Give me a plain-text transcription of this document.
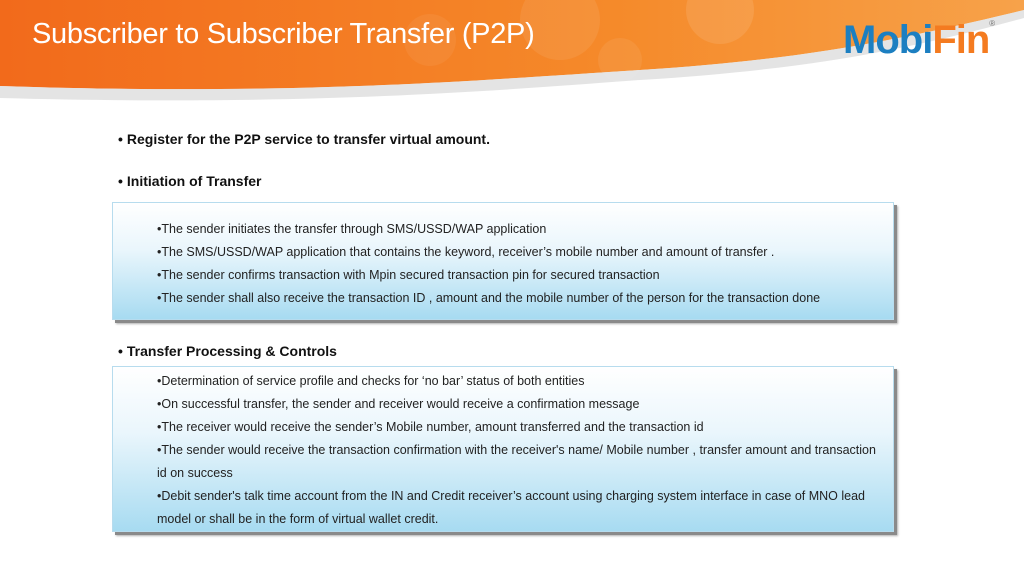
Subscriber to Subscriber Transfer (P2P)	MobiFin®
• Register for the P2P service to transfer virtual amount.
• Initiation of Transfer
•The sender initiates the transfer through SMS/USSD/WAP application
•The SMS/USSD/WAP application that contains the keyword, receiver’s mobile number and amount of transfer .
•The sender confirms transaction with Mpin secured transaction pin for secured transaction
•The sender shall also receive the transaction ID , amount and the mobile number of the person for the transaction done
• Transfer Processing & Controls
•Determination of service profile and checks for ‘no bar’ status of both entities
•On successful transfer, the sender and receiver would receive a confirmation message
•The receiver would receive the sender’s Mobile number, amount transferred and the transaction id
•The sender would receive the transaction confirmation with the receiver's name/ Mobile number , transfer amount and transaction id on success
•Debit sender's talk time account from the IN and Credit receiver’s account using charging system interface in case of MNO lead model or shall be in the form of virtual wallet credit.
